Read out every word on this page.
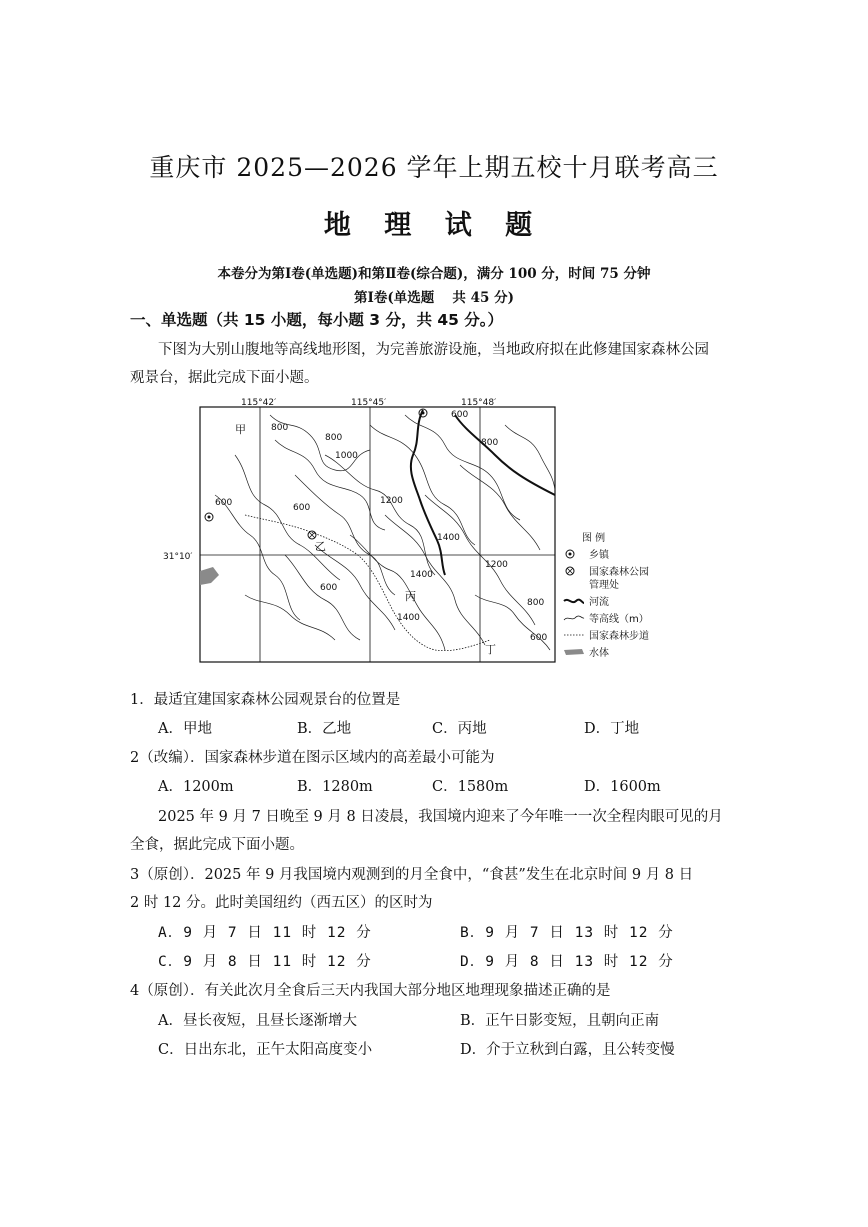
重庆市 2025—2026 学年上期五校十月联考高三
地 理 试 题
本卷分为第Ⅰ卷(单选题)和第Ⅱ卷(综合题)，满分 100 分，时间 75 分钟
第Ⅰ卷(单选题　 共 45 分)
一、单选题（共 15 小题，每小题 3 分，共 45 分。）
下图为大别山腹地等高线地形图，为完善旅游设施，当地政府拟在此修建国家森林公园
观景台，据此完成下面小题。
115°42′	115°45′	115°48′
31°10′
800
600
800
1000
600
1200
1400
1400
1200
800
600
800
600
1400
600
甲
乙
丙
丁
图 例
乡镇
国家森林公园
管理处
河流
等高线（m）
国家森林步道
水体
1．最适宜建国家森林公园观景台的位置是
A．甲地	B．乙地	C．丙地	D．丁地
2（改编）．国家森林步道在图示区域内的高差最小可能为
A．1200m	B．1280m	C．1580m	D．1600m
2025 年 9 月 7 日晚至 9 月 8 日凌晨，我国境内迎来了今年唯一一次全程肉眼可见的月
全食，据此完成下面小题。
3（原创）．2025 年 9 月我国境内观测到的月全食中，“食甚”发生在北京时间 9 月 8 日
2 时 12 分。此时美国纽约（西五区）的区时为
A．9 月 7 日 11 时 12 分	B．9 月 7 日 13 时 12 分
C．9 月 8 日 11 时 12 分	D．9 月 8 日 13 时 12 分
4（原创）．有关此次月全食后三天内我国大部分地区地理现象描述正确的是
A．昼长夜短，且昼长逐渐增大	B．正午日影变短，且朝向正南
C．日出东北，正午太阳高度变小	D．介于立秋到白露，且公转变慢
